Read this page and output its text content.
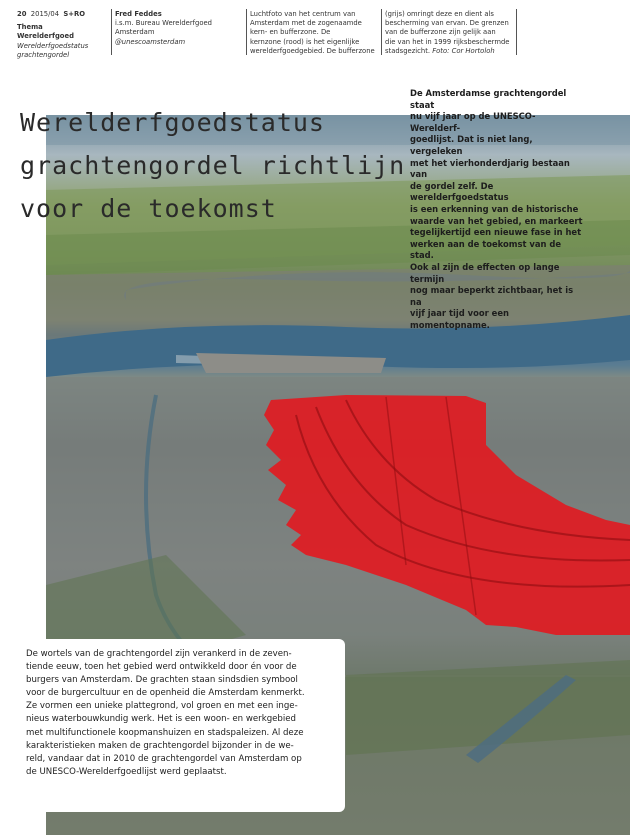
20 2015/04 S+RO
Thema
Werelderfgoed
Werelderfgoedstatus
grachtengordel
Fred Feddes
i.s.m. Bureau Werelderfgoed
Amsterdam
@unescoamsterdam
Luchtfoto van het centrum van
Amsterdam met de zogenaamde
kern- en bufferzone. De
kernzone (rood) is het eigenlijke
werelderfgoedgebied. De bufferzone
(grijs) omringt deze en dient als
bescherming van ervan. De grenzen
van de bufferzone zijn gelijk aan
die van het in 1999 rijksbeschermde
stadsgezicht. Foto: Cor Hortoloh
Werelderfgoedstatus
grachtengordel richtlijn
voor de toekomst
De Amsterdamse grachtengordel staat
nu vijf jaar op de UNESCO-Werelderf-
goedlijst. Dat is niet lang, vergeleken
met het vierhonderdjarig bestaan van
de gordel zelf. De werelderfgoedstatus
is een erkenning van de historische
waarde van het gebied, en markeert
tegelijkertijd een nieuwe fase in het
werken aan de toekomst van de stad.
Ook al zijn de effecten op lange termijn
nog maar beperkt zichtbaar, het is na
vijf jaar tijd voor een momentopname.
De wortels van de grachtengordel zijn verankerd in de zeven-
tiende eeuw, toen het gebied werd ontwikkeld door én voor de
burgers van Amsterdam. De grachten staan sindsdien symbool
voor de burgercultuur en de openheid die Amsterdam kenmerkt.
Ze vormen een unieke plattegrond, vol groen en met een inge-
nieus waterbouwkundig werk. Het is een woon- en werkgebied
met multifunctionele koopmanshuizen en stadspaleizen. Al deze
karakteristieken maken de grachtengordel bijzonder in de we-
reld, vandaar dat in 2010 de grachtengordel van Amsterdam op
de UNESCO-Werelderfgoedlijst werd geplaatst.
